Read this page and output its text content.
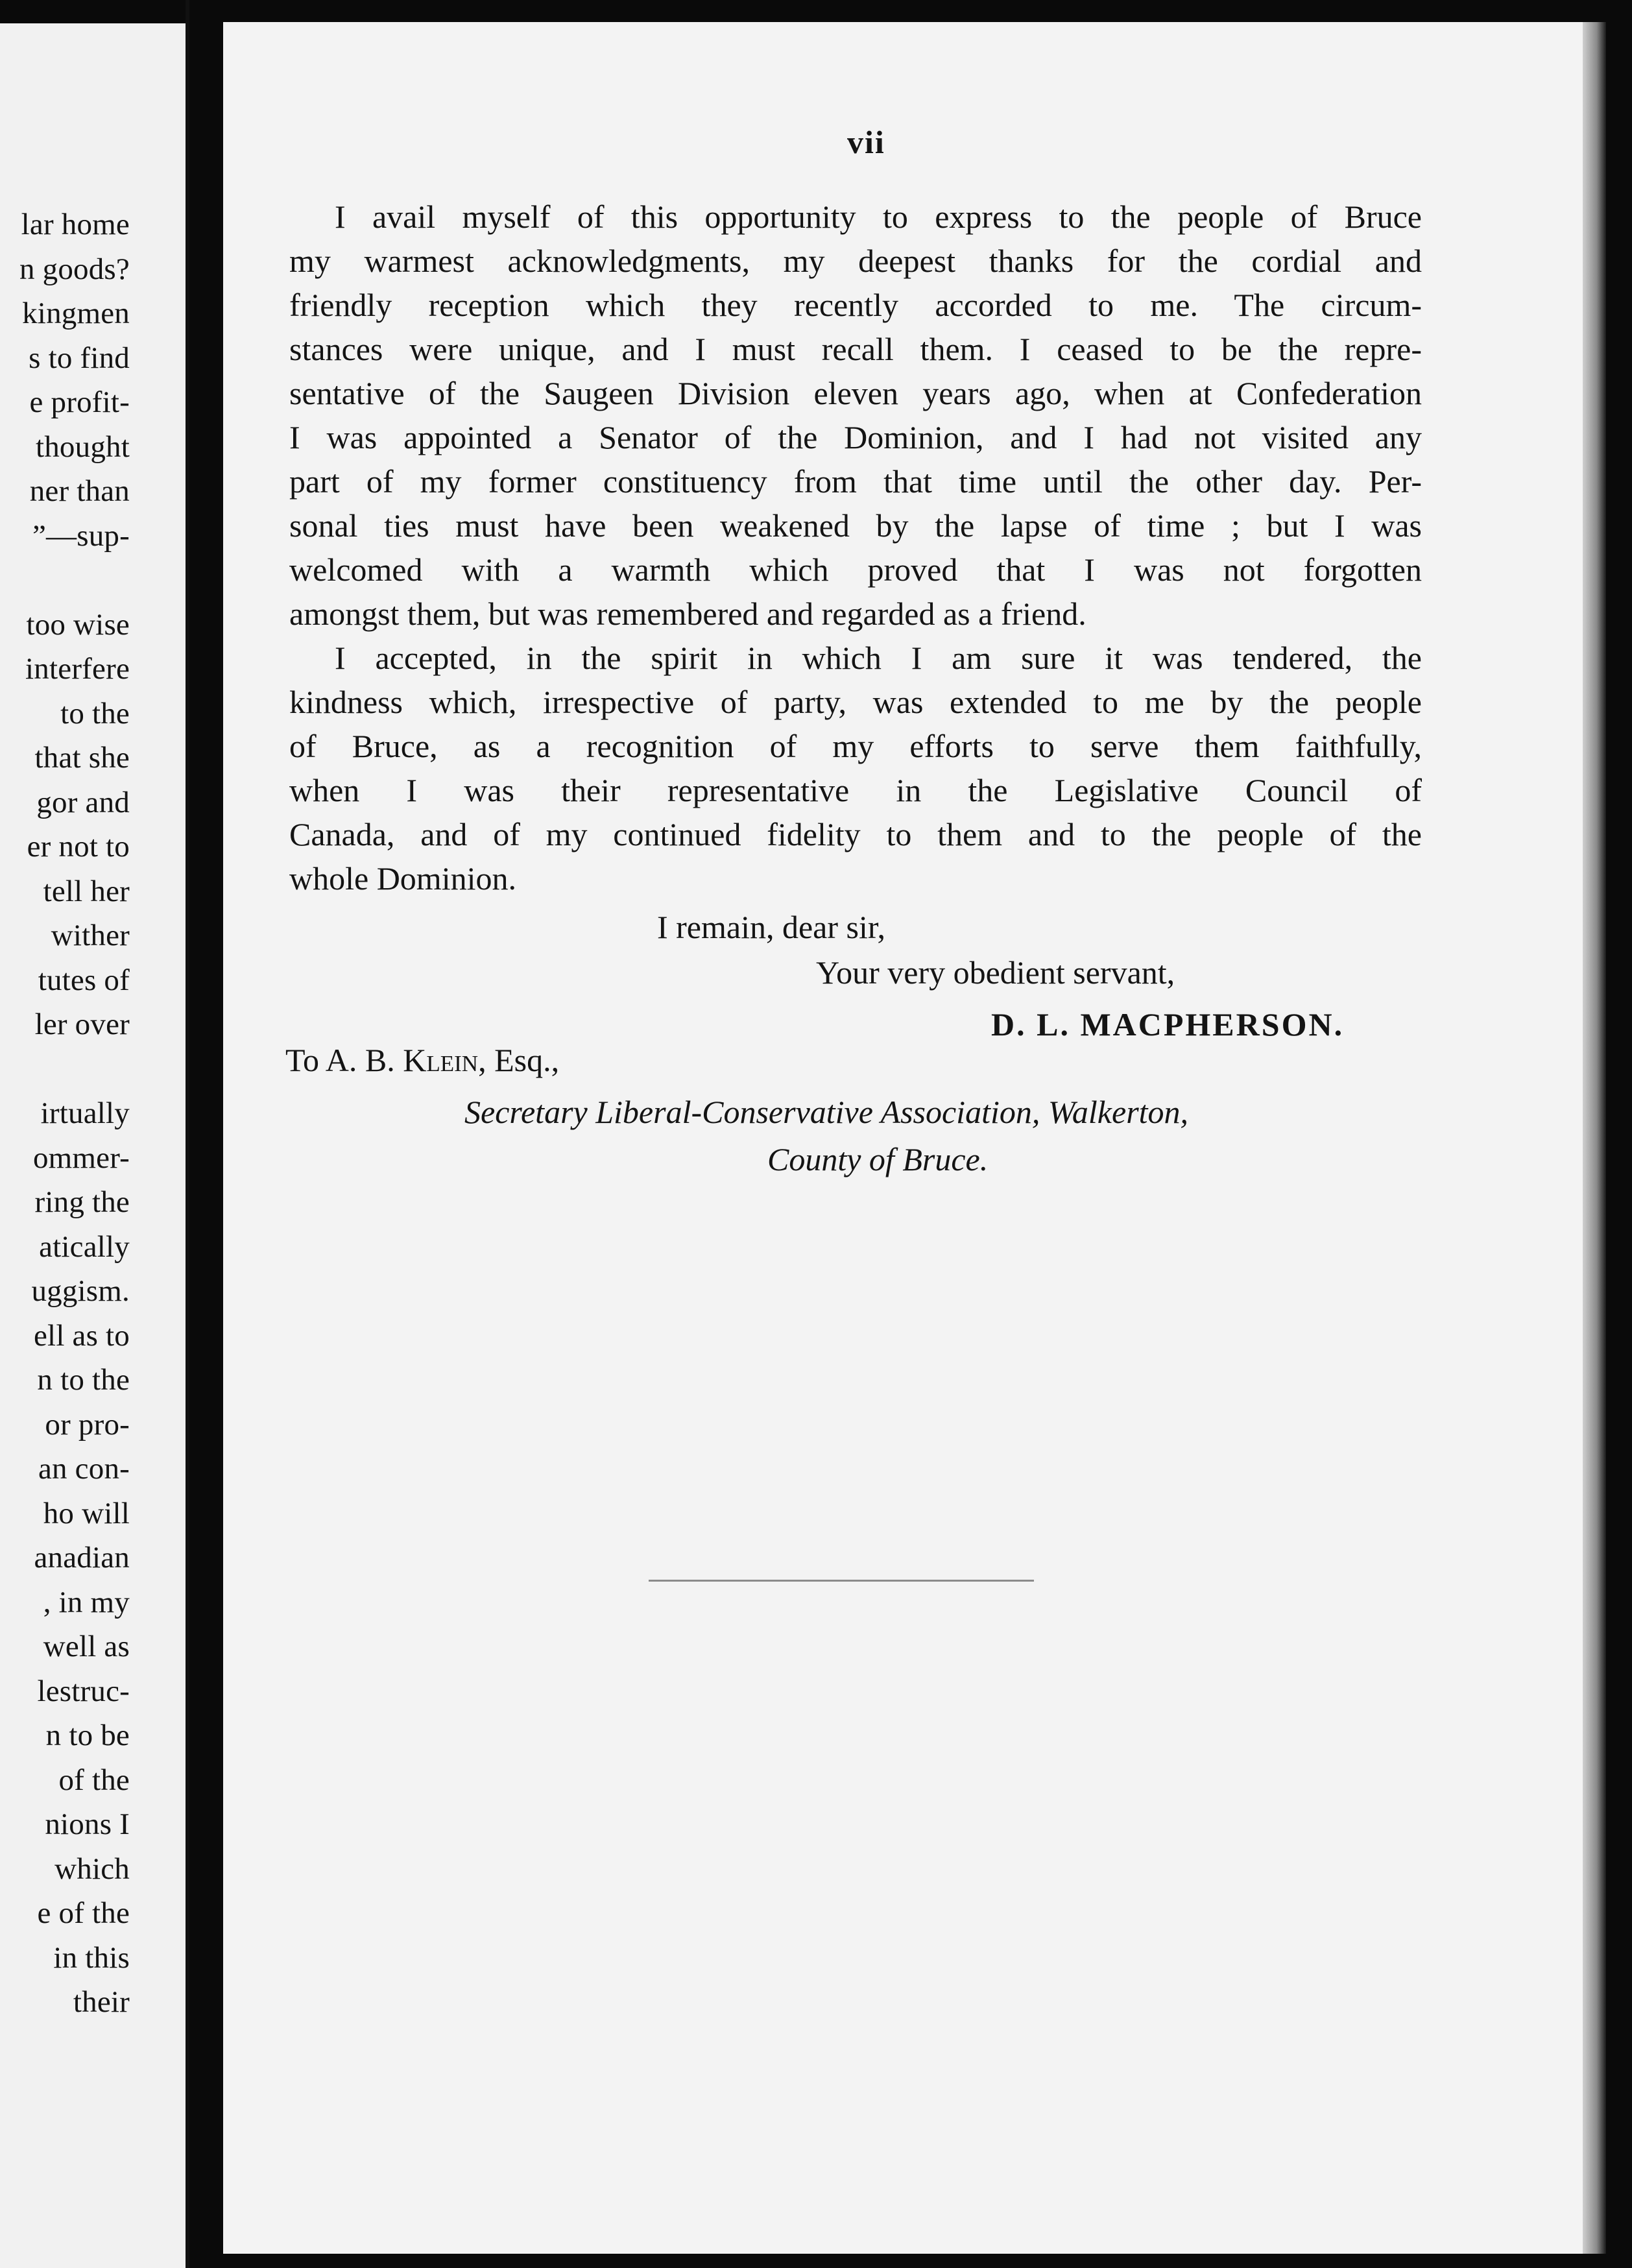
lar home
n goods?
kingmen
s to find
e profit-
thought
ner than
”—sup-
too wise
interfere
to the
that she
gor and
er not to
tell her
wither
tutes of
ler over
irtually
ommer-
ring the
atically
uggism.
ell as to
n to the
or pro-
an con-
ho will
anadian
, in my
well as
lestruc-
n to be
of the
nions I
which
e of the
in this
their
vii
I avail myself of this opportunity to express to the people of Bruce
my warmest acknowledgments, my deepest thanks for the cordial and
friendly reception which they recently accorded to me. The circum-
stances were unique, and I must recall them. I ceased to be the repre-
sentative of the Saugeen Division eleven years ago, when at Confederation
I was appointed a Senator of the Dominion, and I had not visited any
part of my former constituency from that time until the other day. Per-
sonal ties must have been weakened by the lapse of time ; but I was
welcomed with a warmth which proved that I was not forgotten
amongst them, but was remembered and regarded as a friend.
I accepted, in the spirit in which I am sure it was tendered, the
kindness which, irrespective of party, was extended to me by the people
of Bruce, as a recognition of my efforts to serve them faithfully,
when I was their representative in the Legislative Council of
Canada, and of my continued fidelity to them and to the people of the
whole Dominion.
I remain, dear sir,
Your very obedient servant,
D. L. MACPHERSON.
To A. B. Klein, Esq.,
Secretary Liberal-Conservative Association, Walkerton,
County of Bruce.
